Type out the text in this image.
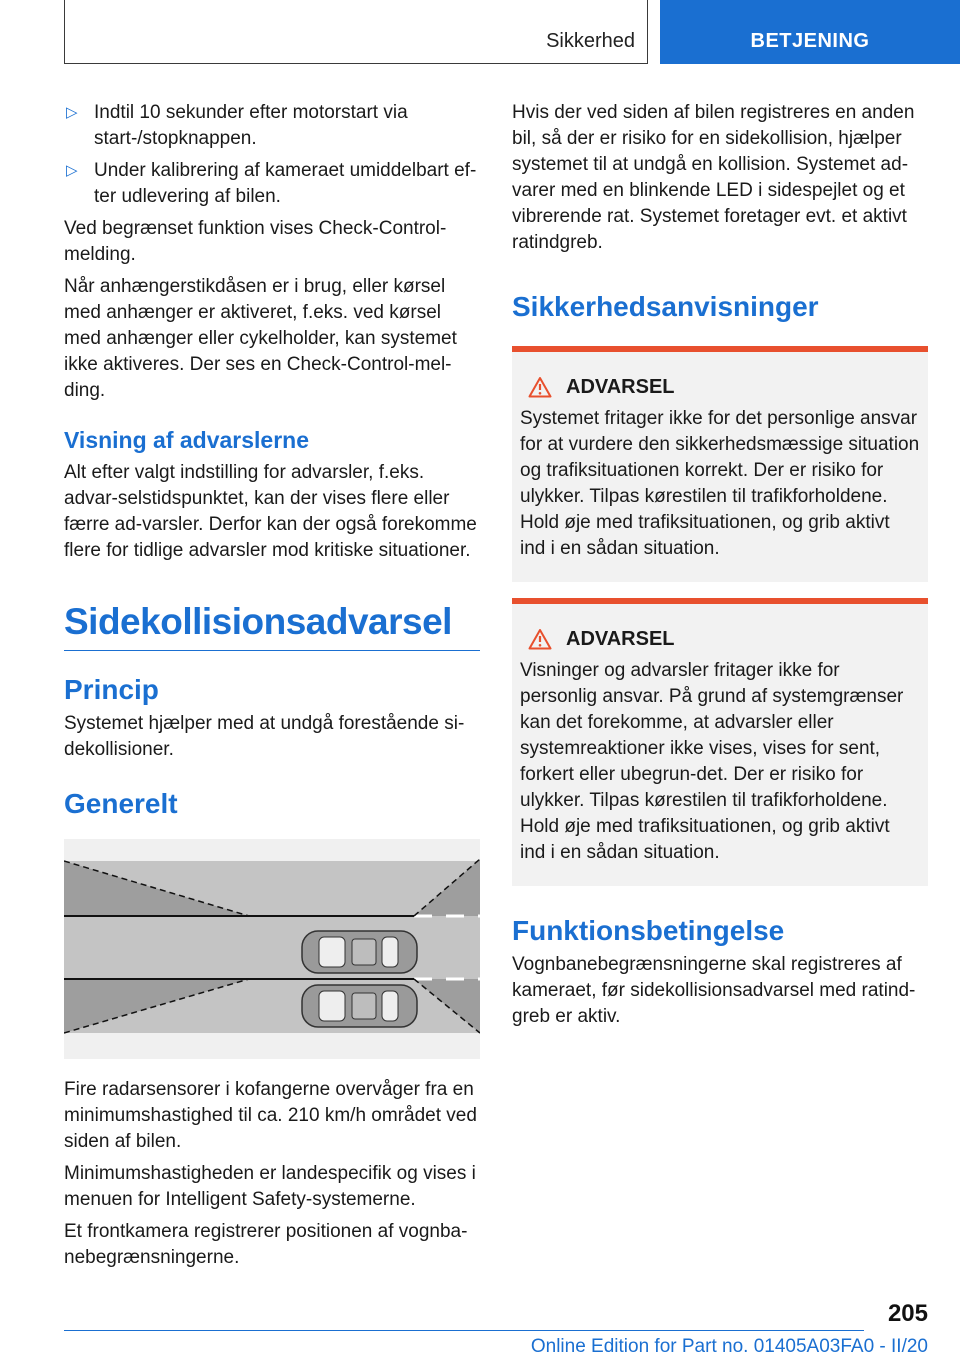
Sikkerhed	BETJENING
▷ Indtil 10 sekunder efter motorstart via start-/stopknappen.
▷ Under kalibrering af kameraet umiddelbart ef-ter udlevering af bilen.

Ved begrænset funktion vises Check-Control-melding.

Når anhængerstikdåsen er i brug, eller kørsel med anhænger er aktiveret, f.eks. ved kørsel med anhænger eller cykelholder, kan systemet ikke aktiveres. Der ses en Check-Control-mel-ding.

Visning af advarslerne

Alt efter valgt indstilling for advarsler, f.eks. advar-selstidspunktet, kan der vises flere eller færre ad-varsler. Derfor kan der også forekomme flere for tidlige advarsler mod kritiske situationer.

Sidekollisionsadvarsel
Princip

Systemet hjælper med at undgå forestående si-dekollisioner.

Generelt

Fire radarsensorer i kofangerne overvåger fra en minimumshastighed til ca. 210 km/h området ved siden af bilen.

Minimumshastigheden er landespecifik og vises i menuen for Intelligent Safety-systemerne.

Et frontkamera registrerer positionen af vognba-nebegrænsningerne.

Hvis der ved siden af bilen registreres en anden bil, så der er risiko for en sidekollision, hjælper systemet til at undgå en kollision. Systemet ad-varer med en blinkende LED i sidespejlet og et vibrerende rat. Systemet foretager evt. et aktivt ratindgreb.

Sikkerhedsanvisninger
ADVARSEL

Systemet fritager ikke for det personlige ansvar for at vurdere den sikkerhedsmæssige situation og trafiksituationen korrekt. Der er risiko for ulykker. Tilpas kørestilen til trafikforholdene. Hold øje med trafiksituationen, og grib aktivt ind i en sådan situation.

ADVARSEL

Visninger og advarsler fritager ikke for personlig ansvar. På grund af systemgrænser kan det forekomme, at advarsler eller systemreaktioner ikke vises, vises for sent, forkert eller ubegrun-det. Der er risiko for ulykker. Tilpas kørestilen til trafikforholdene. Hold øje med trafiksituationen, og grib aktivt ind i en sådan situation.

Funktionsbetingelse

Vognbanebegrænsningerne skal registreres af kameraet, før sidekollisionsadvarsel med ratind-greb er aktiv.

205
Online Edition for Part no. 01405A03FA0 - II/20
